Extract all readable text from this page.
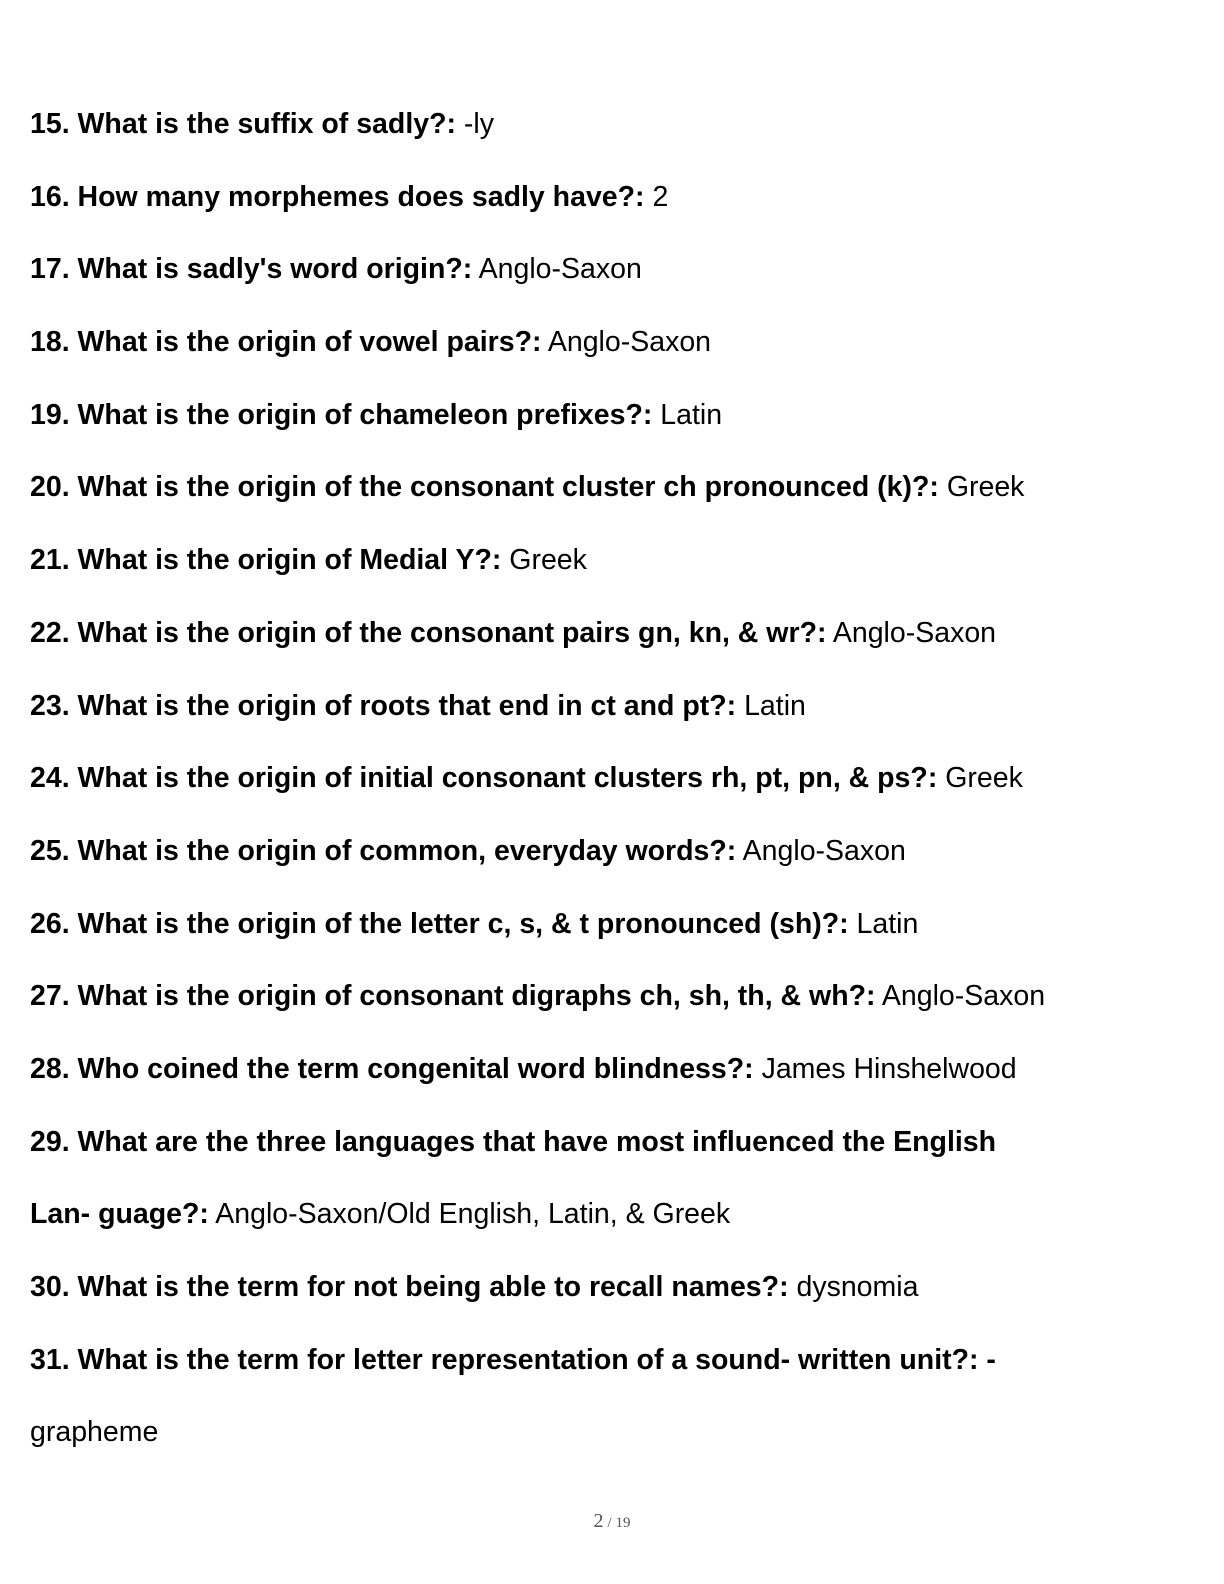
15. What is the suffix of sadly?: -ly
16. How many morphemes does sadly have?: 2
17. What is sadly's word origin?: Anglo-Saxon
18. What is the origin of vowel pairs?: Anglo-Saxon
19. What is the origin of chameleon prefixes?: Latin
20. What is the origin of the consonant cluster ch pronounced (k)?: Greek
21. What is the origin of Medial Y?: Greek
22. What is the origin of the consonant pairs gn, kn, & wr?: Anglo-Saxon
23. What is the origin of roots that end in ct and pt?: Latin
24. What is the origin of initial consonant clusters rh, pt, pn, & ps?: Greek
25. What is the origin of common, everyday words?: Anglo-Saxon
26. What is the origin of the letter c, s, & t pronounced (sh)?: Latin
27. What is the origin of consonant digraphs ch, sh, th, & wh?: Anglo-Saxon
28. Who coined the term congenital word blindness?: James Hinshelwood
29. What are the three languages that have most influenced the English
Lan- guage?: Anglo-Saxon/Old English, Latin, & Greek
30. What is the term for not being able to recall names?: dysnomia
31. What is the term for letter representation of a sound- written unit?: -
grapheme
2 / 19
